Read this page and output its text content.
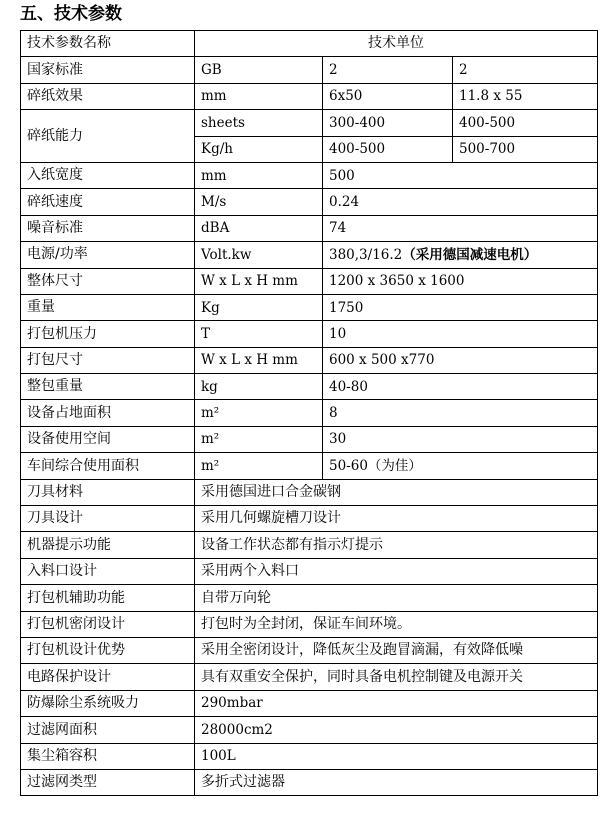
五、技术参数
技术参数名称	技术单位		
国家标准	GB	2	2
碎纸效果	mm	6x50	11.8 x 55
碎纸能力	sheets	300-400	400-500
	Kg/h	400-500	500-700
入纸宽度	mm	500	
碎纸速度	M/s	0.24	
噪音标准	dBA	74	
电源/功率	Volt.kw	380,3/16.2（采用德国减速电机）	
整体尺寸	W x L x H mm	1200 x 3650 x 1600	
重量	Kg	1750	
打包机压力	T	10	
打包尺寸	W x L x H mm	600 x 500 x770	
整包重量	kg	40-80	
设备占地面积	m²	8	
设备使用空间	m²	30	
车间综合使用面积	m²	50-60（为佳）	
刀具材料	采用德国进口合金碳钢		
刀具设计	采用几何螺旋槽刀设计		
机器提示功能	设备工作状态都有指示灯提示		
入料口设计	采用两个入料口		
打包机辅助功能	自带万向轮		
打包机密闭设计	打包时为全封闭，保证车间环境。		
打包机设计优势	采用全密闭设计，降低灰尘及跑冒滴漏，有效降低噪		
电路保护设计	具有双重安全保护，同时具备电机控制键及电源开关		
防爆除尘系统吸力	290mbar		
过滤网面积	28000cm2		
集尘箱容积	100L		
过滤网类型	多折式过滤器		
